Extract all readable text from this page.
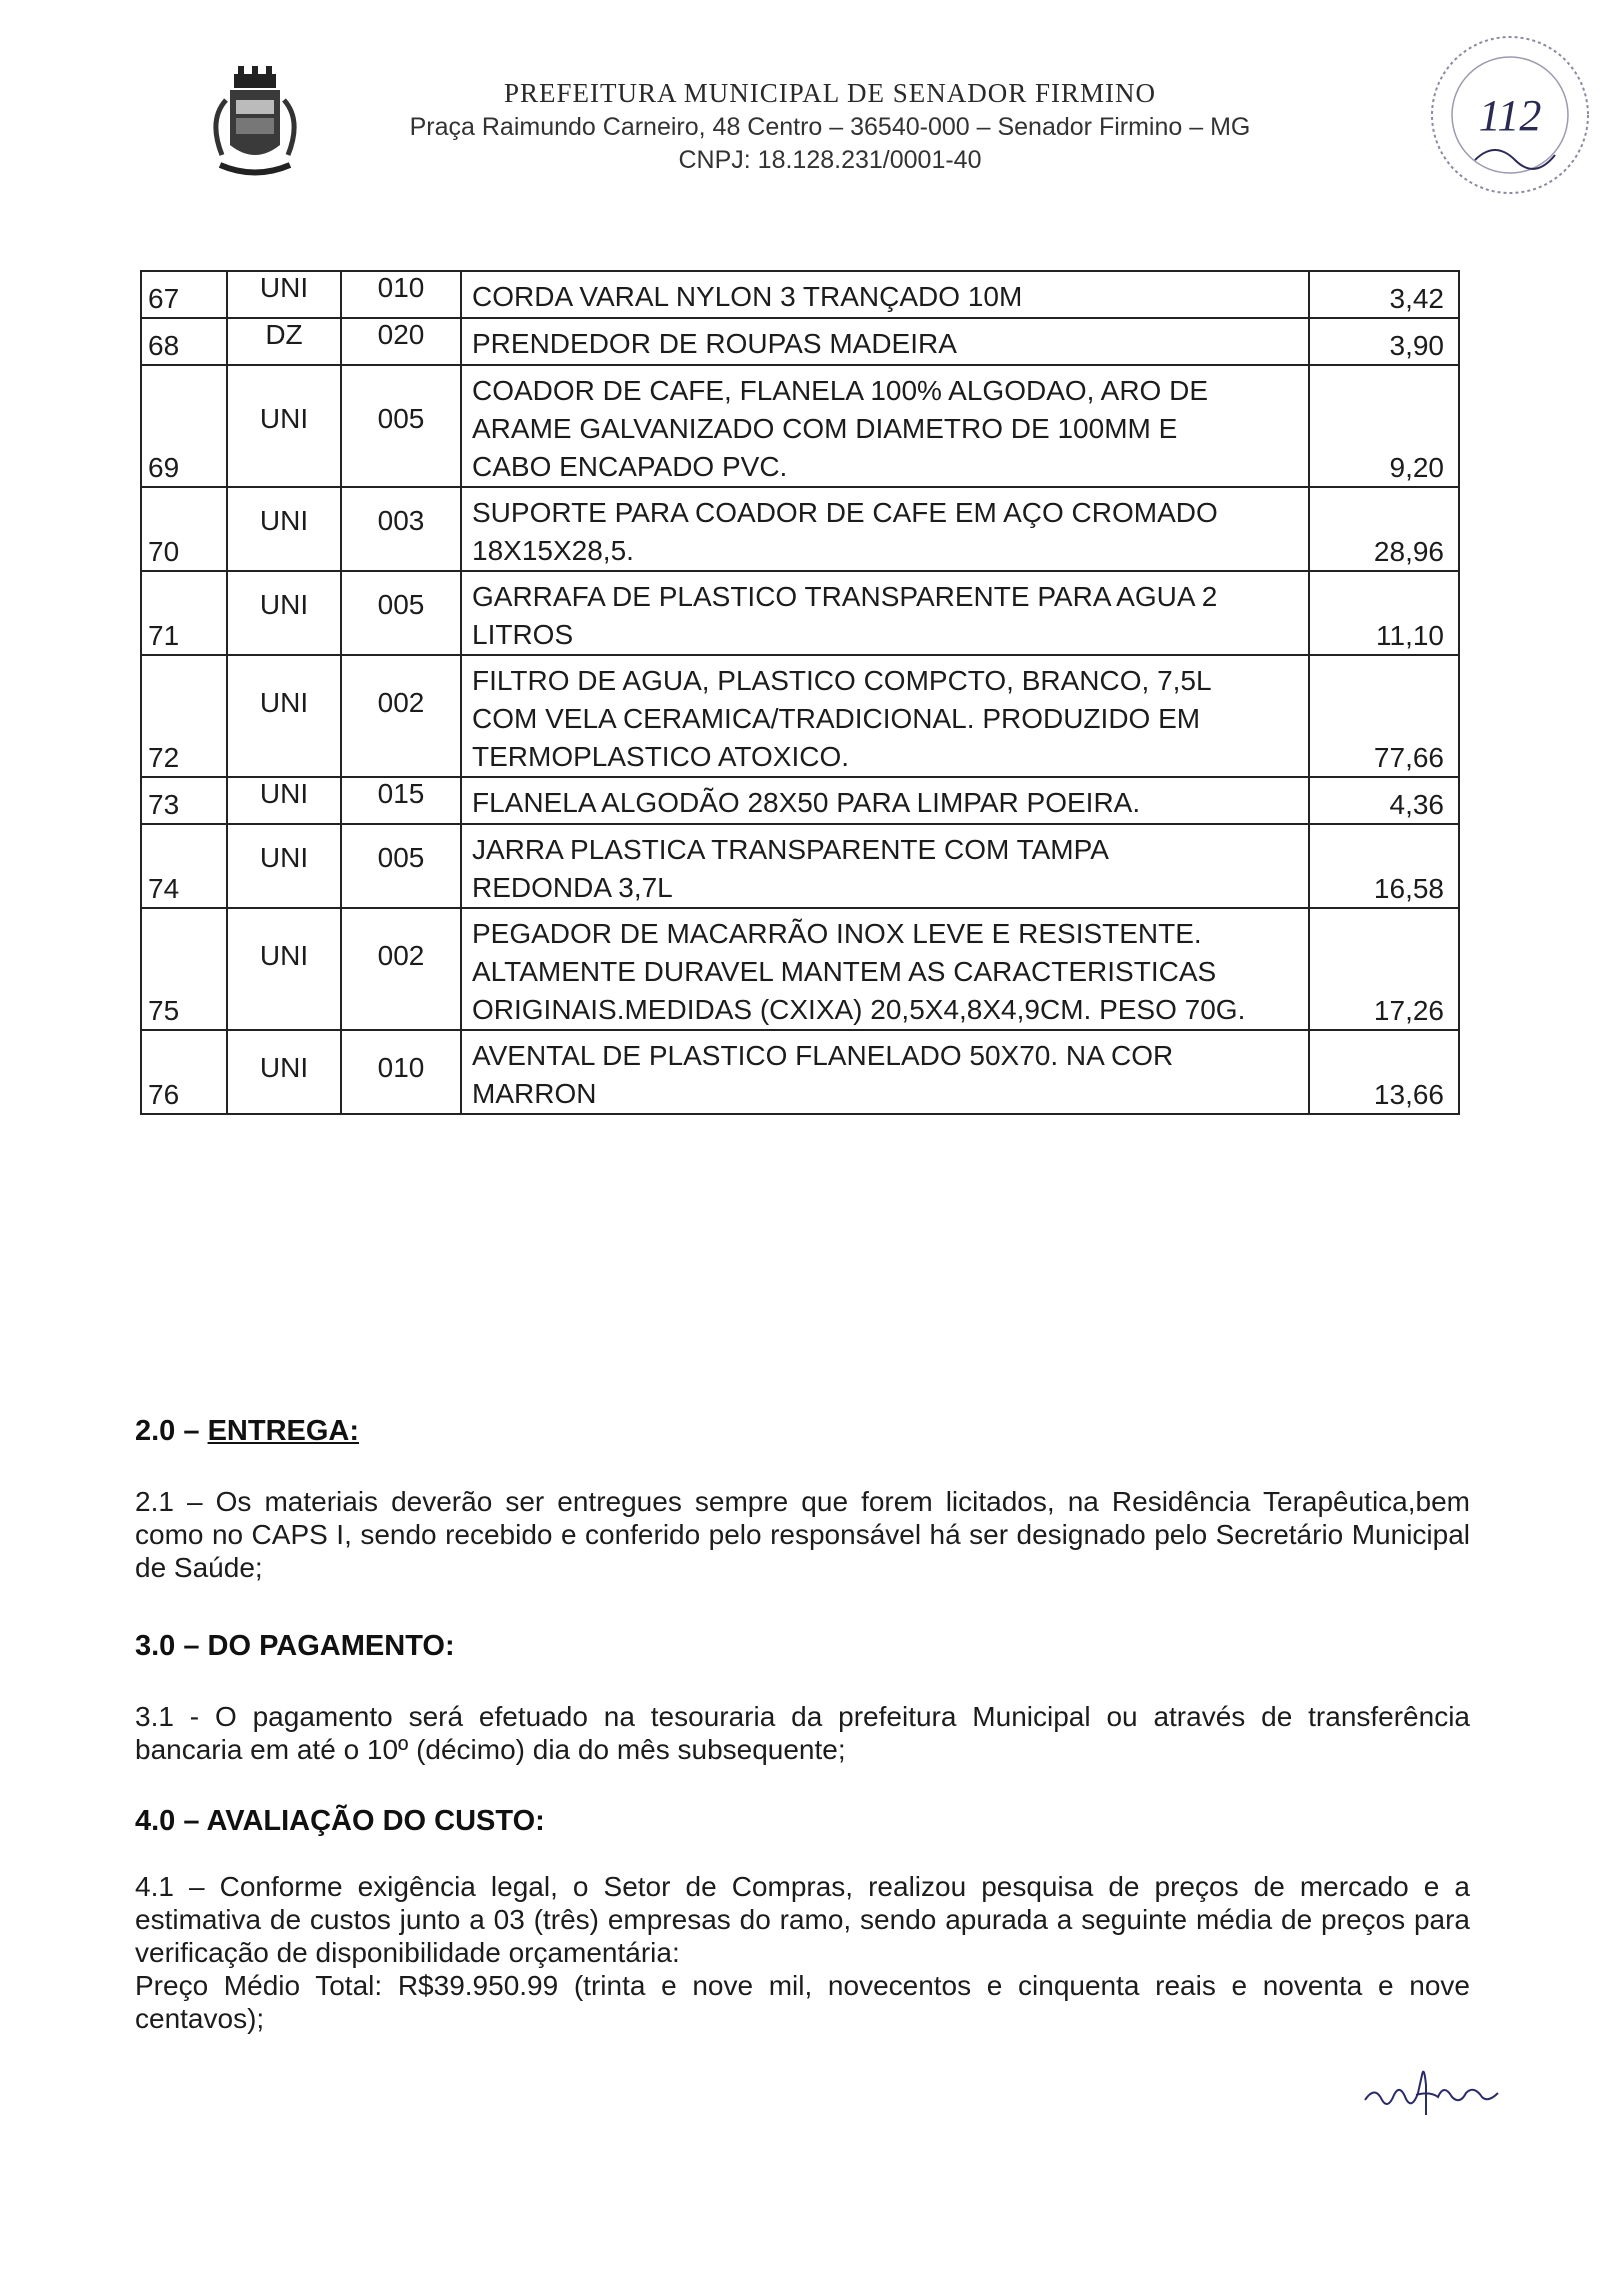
PREFEITURA MUNICIPAL DE SENADOR FIRMINO
Praça Raimundo Carneiro, 48 Centro – 36540-000 – Senador Firmino – MG
CNPJ: 18.128.231/0001-40
112
67	UNI	010	CORDA VARAL NYLON 3 TRANÇADO 10M	3,42

68	DZ	020	PRENDEDOR DE ROUPAS MADEIRA	3,90

69	UNI	005	COADOR DE CAFE, FLANELA 100% ALGODAO, ARO DE
ARAME GALVANIZADO COM DIAMETRO DE 100MM E
CABO ENCAPADO PVC.	9,20

70	UNI	003	SUPORTE PARA COADOR DE CAFE EM AÇO CROMADO
18X15X28,5.	28,96

71	UNI	005	GARRAFA DE PLASTICO TRANSPARENTE PARA AGUA 2
LITROS	11,10

72	UNI	002	FILTRO DE AGUA, PLASTICO COMPCTO, BRANCO, 7,5L
COM VELA CERAMICA/TRADICIONAL. PRODUZIDO EM
TERMOPLASTICO ATOXICO.	77,66

73	UNI	015	FLANELA ALGODÃO 28X50 PARA LIMPAR POEIRA.	4,36

74	UNI	005	JARRA PLASTICA TRANSPARENTE COM TAMPA
REDONDA 3,7L	16,58

75	UNI	002	PEGADOR DE MACARRÃO INOX LEVE E RESISTENTE.
ALTAMENTE DURAVEL MANTEM AS CARACTERISTICAS
ORIGINAIS.MEDIDAS (CXIXA) 20,5X4,8X4,9CM. PESO 70G.	17,26

76	UNI	010	AVENTAL DE PLASTICO FLANELADO 50X70. NA COR
MARRON	13,66
2.0 – ENTREGA:
2.1 – Os materiais deverão ser entregues sempre que forem licitados, na Residência Terapêutica,bem como no CAPS I, sendo recebido e conferido pelo responsável há ser designado pelo Secretário Municipal de Saúde;
3.0 – DO PAGAMENTO:
3.1 - O pagamento será efetuado na tesouraria da prefeitura Municipal ou através de transferência bancaria em até o 10º (décimo) dia do mês subsequente;
4.0 – AVALIAÇÃO DO CUSTO:
4.1 – Conforme exigência legal, o Setor de Compras, realizou pesquisa de preços de mercado e a estimativa de custos junto a 03 (três) empresas do ramo, sendo apurada a seguinte média de preços para verificação de disponibilidade orçamentária:
Preço Médio Total: R$39.950.99 (trinta e nove mil, novecentos e cinquenta reais e noventa e nove centavos);
